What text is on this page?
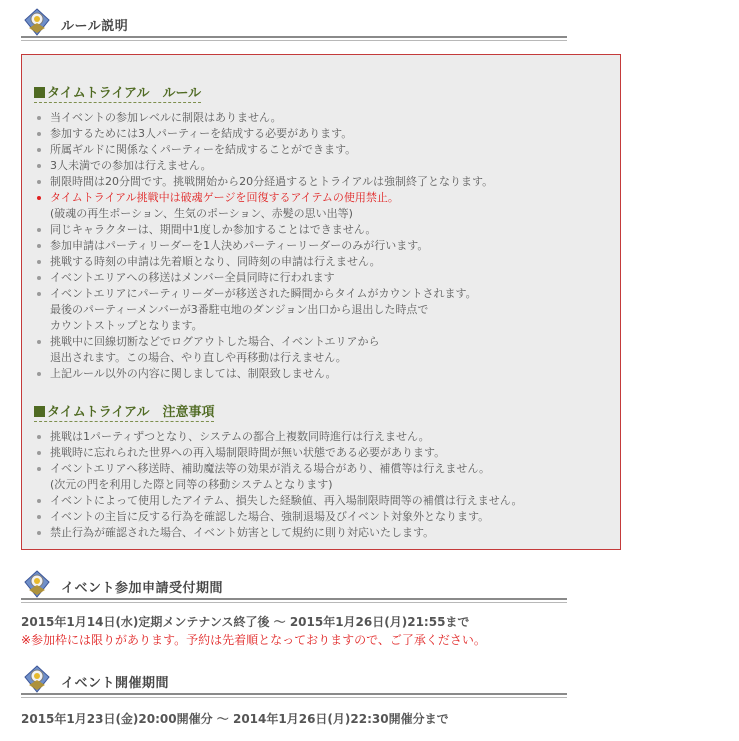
ルール説明
タイムトライアル　ルール
当イベントの参加レベルに制限はありません。
参加するためには3人パーティーを結成する必要があります。
所属ギルドに関係なくパーティーを結成することができます。
3人未満での参加は行えません。
制限時間は20分間です。挑戦開始から20分経過するとトライアルは強制終了となります。
タイムトライアル挑戦中は破魂ゲージを回復するアイテムの使用禁止。
(破魂の再生ポーション、生気のポーション、赤髪の思い出等)
同じキャラクターは、期間中1度しか参加することはできません。
参加申請はパーティリーダーを1人決めパーティーリーダーのみが行います。
挑戦する時刻の申請は先着順となり、同時刻の申請は行えません。
イベントエリアへの移送はメンバー全員同時に行われます
イベントエリアにパーティリーダーが移送された瞬間からタイムがカウントされます。
最後のパーティーメンバーが3番駐屯地のダンジョン出口から退出した時点で
カウントストップとなります。
挑戦中に回線切断などでログアウトした場合、イベントエリアから
退出されます。この場合、やり直しや再移動は行えません。
上記ルール以外の内容に関しましては、制限致しません。
タイムトライアル　注意事項
挑戦は1パーティずつとなり、システムの都合上複数同時進行は行えません。
挑戦時に忘れられた世界への再入場制限時間が無い状態である必要があります。
イベントエリアへ移送時、補助魔法等の効果が消える場合があり、補償等は行えません。
(次元の門を利用した際と同等の移動システムとなります)
イベントによって使用したアイテム、損失した経験値、再入場制限時間等の補償は行えません。
イベントの主旨に反する行為を確認した場合、強制退場及びイベント対象外となります。
禁止行為が確認された場合、イベント妨害として規約に則り対応いたします。
イベント参加申請受付期間
2015年1月14日(水)定期メンテナンス終了後 ～ 2015年1月26日(月)21:55まで
※参加枠には限りがあります。予約は先着順となっておりますので、ご了承ください。
イベント開催期間
2015年1月23日(金)20:00開催分 ～ 2014年1月26日(月)22:30開催分まで
